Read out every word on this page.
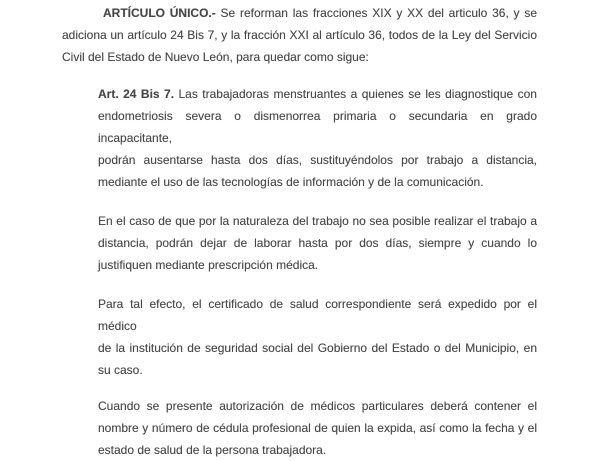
ARTÍCULO ÚNICO.- Se reforman las fracciones XIX y XX del articulo 36, y se
adiciona un artículo 24 Bis 7, y la fracción XXI al artículo 36, todos de la Ley del Servicio
Civil del Estado de Nuevo León, para quedar como sigue:
Art. 24 Bis 7. Las trabajadoras menstruantes a quienes se les diagnostique con
endometriosis severa o dismenorrea primaria o secundaria en grado incapacitante,
podrán ausentarse hasta dos días, sustituyéndolos por trabajo a distancia,
mediante el uso de las tecnologías de información y de la comunicación.
En el caso de que por la naturaleza del trabajo no sea posible realizar el trabajo a
distancia, podrán dejar de laborar hasta por dos días, siempre y cuando lo
justifiquen mediante prescripción médica.
Para tal efecto, el certificado de salud correspondiente será expedido por el médico
de la institución de seguridad social del Gobierno del Estado o del Municipio, en
su caso.
Cuando se presente autorización de médicos particulares deberá contener el
nombre y número de cédula profesional de quien la expida, así como la fecha y el
estado de salud de la persona trabajadora.
